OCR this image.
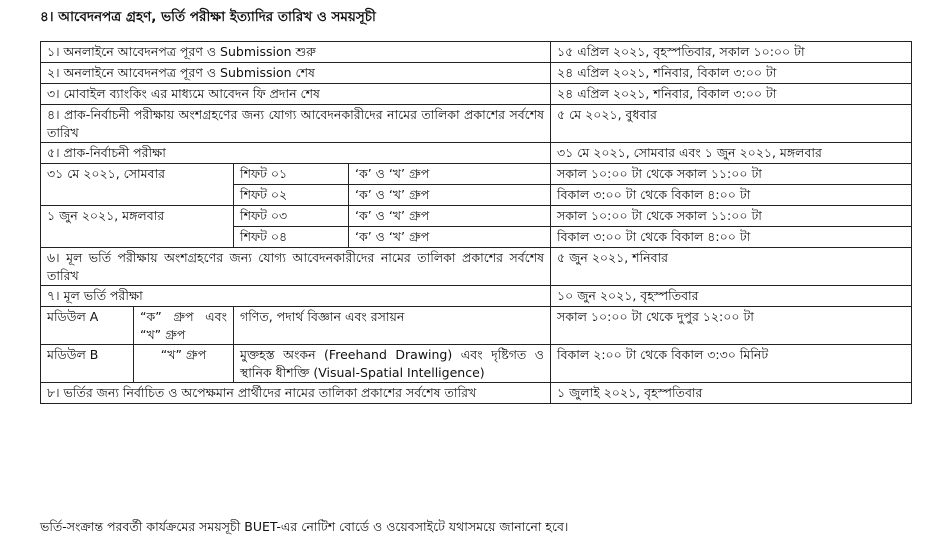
৪। আবেদনপত্র গ্রহণ, ভর্তি পরীক্ষা ইত্যাদির তারিখ ও সময়সূচী
১। অনলাইনে আবেদনপত্র পূরণ ও Submission শুরু				১৫ এপ্রিল ২০২১, বৃহস্পতিবার, সকাল ১০:০০ টা
২। অনলাইনে আবেদনপত্র পূরণ ও Submission শেষ				২৪ এপ্রিল ২০২১, শনিবার, বিকাল ৩:০০ টা
৩। মোবাইল ব্যাংকিং এর মাধ্যমে আবেদন ফি প্রদান শেষ				২৪ এপ্রিল ২০২১, শনিবার, বিকাল ৩:০০ টা
৪। প্রাক-নির্বাচনী পরীক্ষায় অংশগ্রহণের জন্য যোগ্য আবেদনকারীদের নামের তালিকা প্রকাশের সর্বশেষ তারিখ				৫ মে ২০২১, বুধবার
৫। প্রাক-নির্বাচনী পরীক্ষা				৩১ মে ২০২১, সোমবার এবং ১ জুন ২০২১, মঙ্গলবার
৩১ মে ২০২১, সোমবার		শিফট ০১	‘ক’ ও ‘খ’ গ্রুপ	সকাল ১০:০০ টা থেকে সকাল ১১:০০ টা
		শিফট ০২	‘ক’ ও ‘খ’ গ্রুপ	বিকাল ৩:০০ টা থেকে বিকাল ৪:০০ টা
১ জুন ২০২১, মঙ্গলবার		শিফট ০৩	‘ক’ ও ‘খ’ গ্রুপ	সকাল ১০:০০ টা থেকে সকাল ১১:০০ টা
		শিফট ০৪	‘ক’ ও ‘খ’ গ্রুপ	বিকাল ৩:০০ টা থেকে বিকাল ৪:০০ টা
৬। মূল ভর্তি পরীক্ষায় অংশগ্রহণের জন্য যোগ্য আবেদনকারীদের নামের তালিকা প্রকাশের সর্বশেষ তারিখ				৫ জুন ২০২১, শনিবার
৭। মূল ভর্তি পরীক্ষা				১০ জুন ২০২১, বৃহস্পতিবার
মডিউল A	“ক” গ্রুপ এবং “খ” গ্রুপ	গণিত, পদার্থ বিজ্ঞান এবং রসায়ন		সকাল ১০:০০ টা থেকে দুপুর ১২:০০ টা
মডিউল B	“খ” গ্রুপ	মুক্তহস্ত অংকন (Freehand Drawing) এবং দৃষ্টিগত ও স্থানিক ধীশক্তি (Visual-Spatial Intelligence)		বিকাল ২:০০ টা থেকে বিকাল ৩:৩০ মিনিট
৮। ভর্তির জন্য নির্বাচিত ও অপেক্ষমান প্রার্থীদের নামের তালিকা প্রকাশের সর্বশেষ তারিখ				১ জুলাই ২০২১, বৃহস্পতিবার
ভর্তি-সংক্রান্ত পরবর্তী কার্যক্রমের সময়সূচী BUET-এর নোটিশ বোর্ডে ও ওয়েবসাইটে যথাসময়ে জানানো হবে।
